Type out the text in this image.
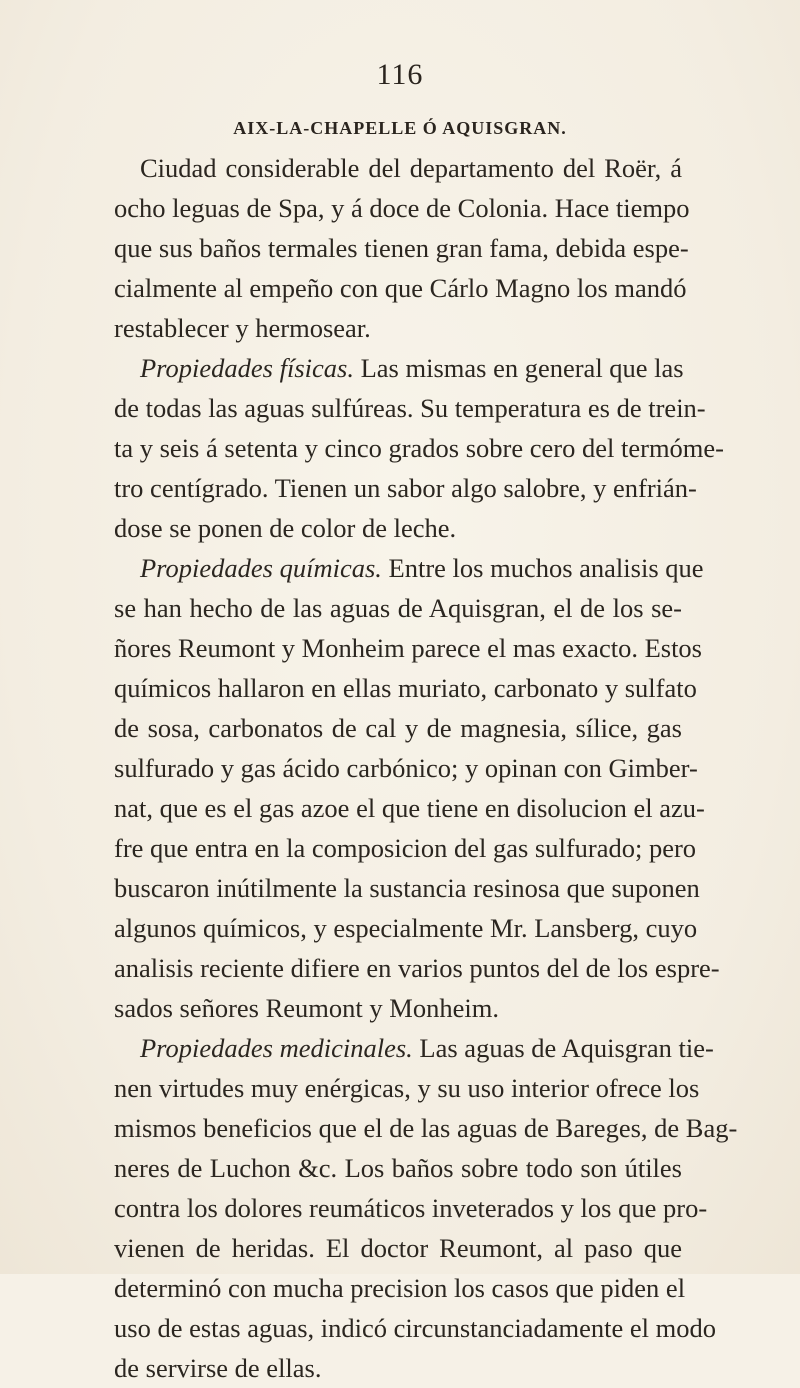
116
AIX-LA-CHAPELLE Ó AQUISGRAN.
Ciudad considerable del departamento del Roër, á
ocho leguas de Spa, y á doce de Colonia. Hace tiempo
que sus baños termales tienen gran fama, debida espe-
cialmente al empeño con que Cárlo Magno los mandó
restablecer y hermosear.
Propiedades físicas. Las mismas en general que las
de todas las aguas sulfúreas. Su temperatura es de trein-
ta y seis á setenta y cinco grados sobre cero del termóme-
tro centígrado. Tienen un sabor algo salobre, y enfrián-
dose se ponen de color de leche.
Propiedades químicas. Entre los muchos analisis que
se han hecho de las aguas de Aquisgran, el de los se-
ñores Reumont y Monheim parece el mas exacto. Estos
químicos hallaron en ellas muriato, carbonato y sulfato
de sosa, carbonatos de cal y de magnesia, sílice, gas
sulfurado y gas ácido carbónico; y opinan con Gimber-
nat, que es el gas azoe el que tiene en disolucion el azu-
fre que entra en la composicion del gas sulfurado; pero
buscaron inútilmente la sustancia resinosa que suponen
algunos químicos, y especialmente Mr. Lansberg, cuyo
analisis reciente difiere en varios puntos del de los espre-
sados señores Reumont y Monheim.
Propiedades medicinales. Las aguas de Aquisgran tie-
nen virtudes muy enérgicas, y su uso interior ofrece los
mismos beneficios que el de las aguas de Bareges, de Bag-
neres de Luchon &c. Los baños sobre todo son útiles
contra los dolores reumáticos inveterados y los que pro-
vienen de heridas. El doctor Reumont, al paso que
determinó con mucha precision los casos que piden el
uso de estas aguas, indicó circunstanciadamente el modo
de servirse de ellas.
